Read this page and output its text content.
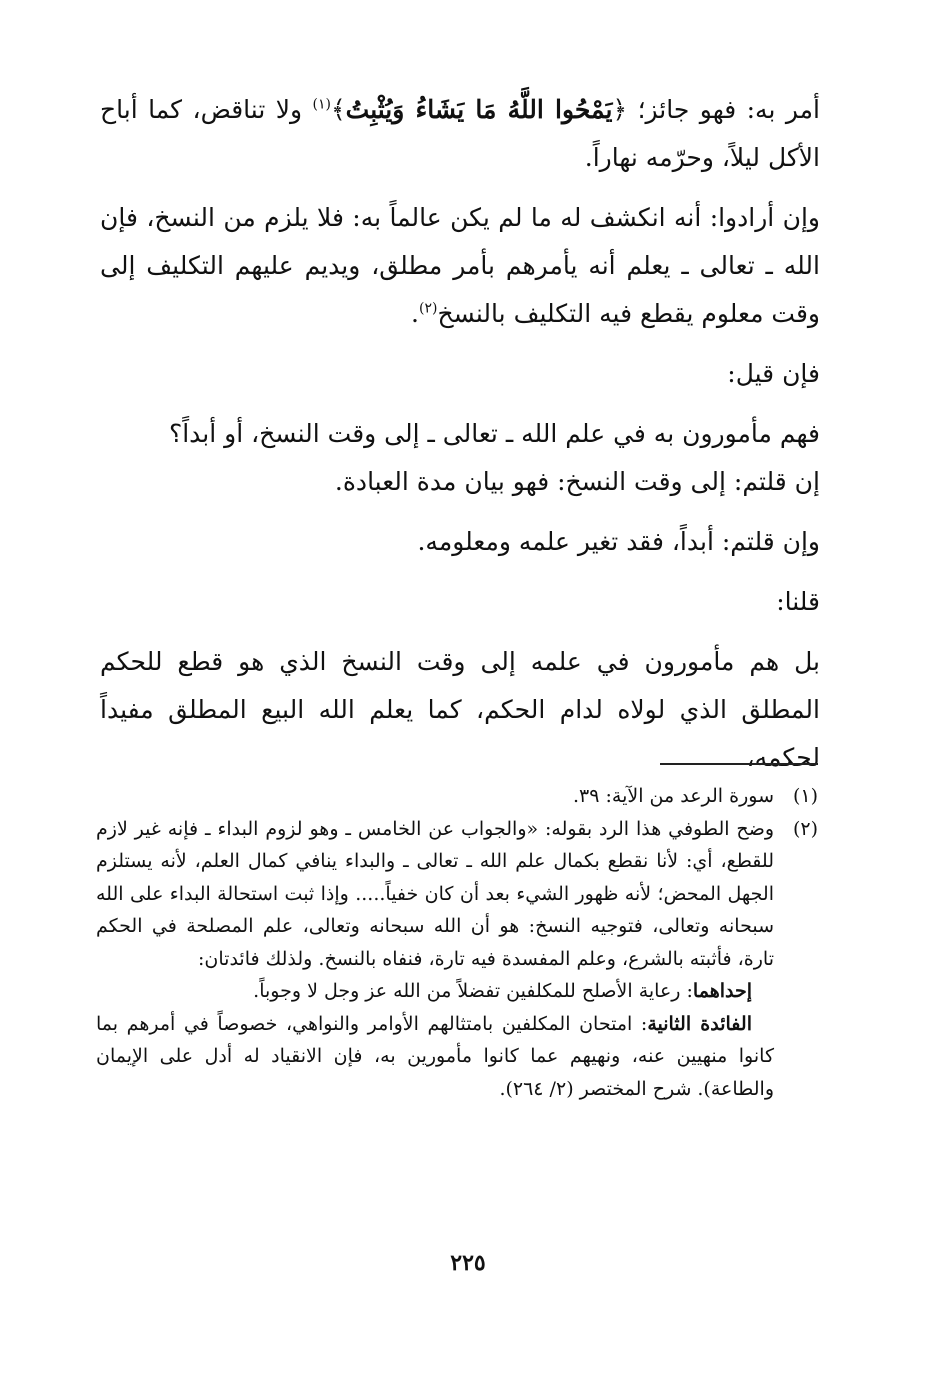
أمر به: فهو جائز؛ ﴿يَمْحُوا اللَّهُ مَا يَشَاءُ وَيُثْبِتُ﴾$^{(١)}$ ولا تناقض، كما أباح الأكل ليلاً، وحرّمه نهاراً.

وإن أرادوا: أنه انكشف له ما لم يكن عالماً به: فلا يلزم من النسخ، فإن الله ـ تعالى ـ يعلم أنه يأمرهم بأمر مطلق، ويديم عليهم التكليف إلى وقت معلوم يقطع فيه التكليف بالنسخ$^{(٢)}$.

فإن قيل:

فهم مأمورون به في علم الله ـ تعالى ـ إلى وقت النسخ، أو أبداً؟

إن قلتم: إلى وقت النسخ: فهو بيان مدة العبادة.

وإن قلتم: أبداً، فقد تغير علمه ومعلومه.

قلنا:

بل هم مأمورون في علمه إلى وقت النسخ الذي هو قطع للحكم المطلق الذي لولاه لدام الحكم، كما يعلم الله البيع المطلق مفيداً لحكمه،

(١)

سورة الرعد من الآية: ٣٩.

(٢)

وضح الطوفي هذا الرد بقوله: «والجواب عن الخامس ـ وهو لزوم البداء ـ فإنه غير لازم للقطع، أي: لأنا نقطع بكمال علم الله ـ تعالى ـ والبداء ينافي كمال العلم، لأنه يستلزم الجهل المحض؛ لأنه ظهور الشيء بعد أن كان خفياً..... وإذا ثبت استحالة البداء على الله سبحانه وتعالى، فتوجيه النسخ: هو أن الله سبحانه وتعالى، علم المصلحة في الحكم تارة، فأثبته بالشرع، وعلم المفسدة فيه تارة، فنفاه بالنسخ. ولذلك فائدتان:

إحداهما: رعاية الأصلح للمكلفين تفضلاً من الله عز وجل لا وجوباً.

الفائدة الثانية: امتحان المكلفين بامتثالهم الأوامر والنواهي، خصوصاً في أمرهم بما كانوا منهيين عنه، ونهيهم عما كانوا مأمورين به، فإن الانقياد له أدل على الإيمان والطاعة). شرح المختصر (٢/ ٢٦٤).

٢٢٥
